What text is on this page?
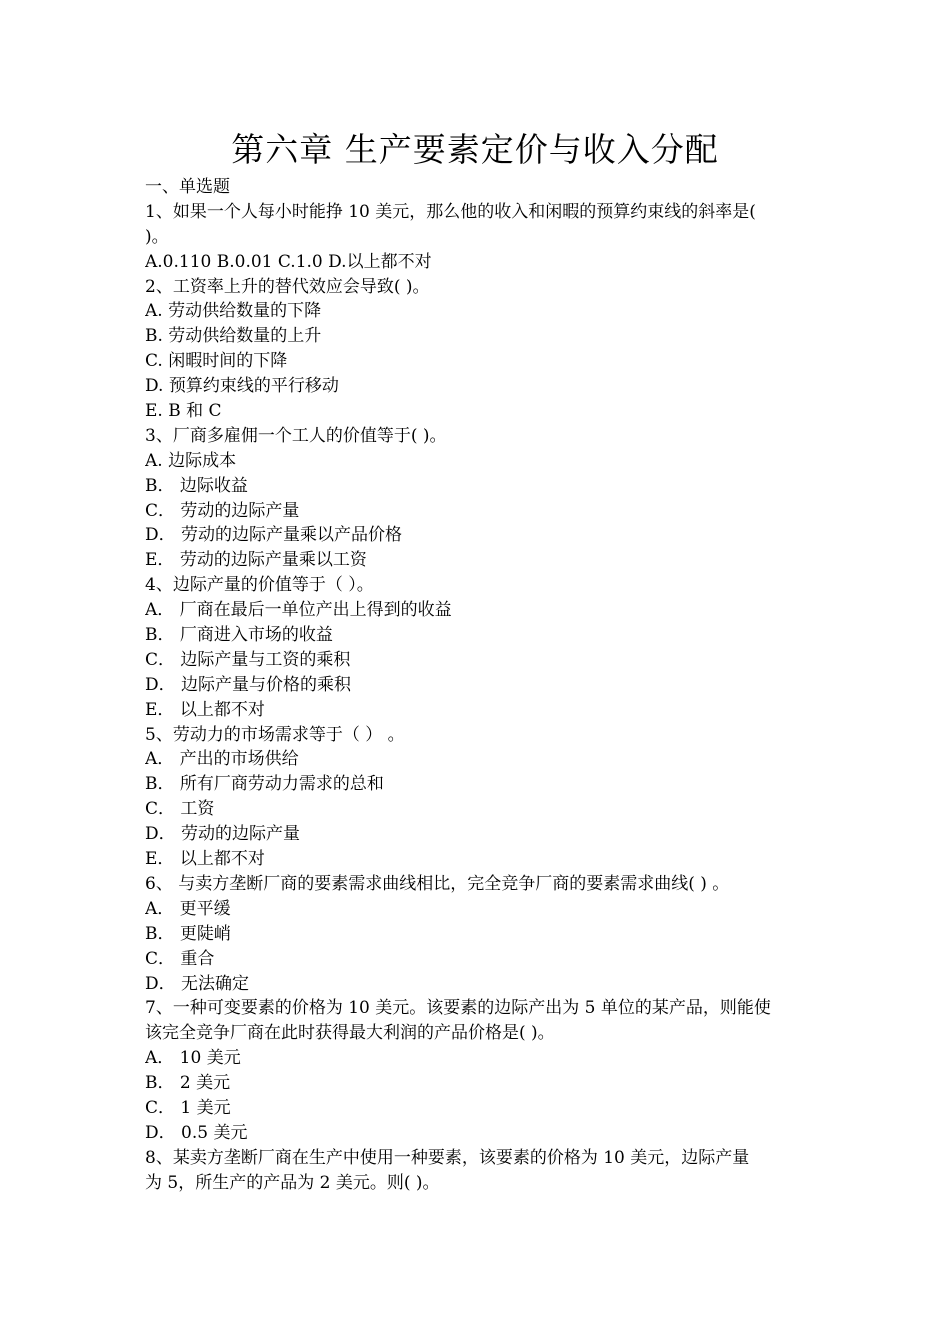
第六章 生产要素定价与收入分配
一、单选题
1、如果一个人每小时能挣 10 美元，那么他的收入和闲暇的预算约束线的斜率是(
)。
A.0.110 B.0.01 C.1.0 D.以上都不对
2、工资率上升的替代效应会导致( )。
A. 劳动供给数量的下降
B. 劳动供给数量的上升
C. 闲暇时间的下降
D. 预算约束线的平行移动
E. B 和 C
3、厂商多雇佣一个工人的价值等于( )。
A. 边际成本
B． 边际收益
C． 劳动的边际产量
D． 劳动的边际产量乘以产品价格
E． 劳动的边际产量乘以工资
4、边际产量的价值等于（ ）。
A． 厂商在最后一单位产出上得到的收益
B． 厂商进入市场的收益
C． 边际产量与工资的乘积
D． 边际产量与价格的乘积
E． 以上都不对
5、劳动力的市场需求等于（ ） 。
A． 产出的市场供给
B． 所有厂商劳动力需求的总和
C． 工资
D． 劳动的边际产量
E． 以上都不对
6、 与卖方垄断厂商的要素需求曲线相比，完全竞争厂商的要素需求曲线( ) 。
A． 更平缓
B． 更陡峭
C． 重合
D． 无法确定
7、一种可变要素的价格为 10 美元。该要素的边际产出为 5 单位的某产品，则能使
该完全竞争厂商在此时获得最大利润的产品价格是( )。
A． 10 美元
B． 2 美元
C． 1 美元
D． 0.5 美元
8、某卖方垄断厂商在生产中使用一种要素，该要素的价格为 10 美元，边际产量
为 5，所生产的产品为 2 美元。则( )。
